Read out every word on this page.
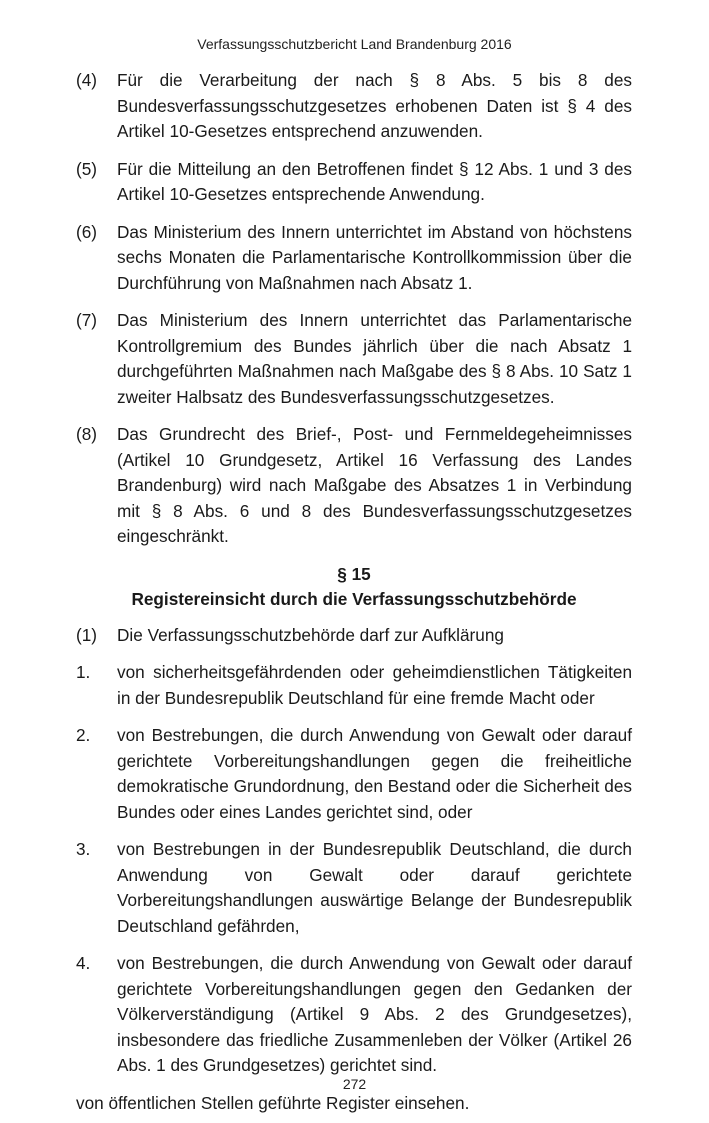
Verfassungsschutzbericht Land Brandenburg 2016
(4)	Für die Verarbeitung der nach § 8 Abs. 5 bis 8 des Bundesverfassungsschutzgesetzes erhobenen Daten ist § 4 des Artikel 10-Gesetzes entsprechend anzuwenden.
(5)	Für die Mitteilung an den Betroffenen findet § 12 Abs. 1 und 3 des Artikel 10-Gesetzes entsprechende Anwendung.
(6)	Das Ministerium des Innern unterrichtet im Abstand von höchstens sechs Monaten die Parlamentarische Kontrollkommission über die Durchführung von Maßnahmen nach Absatz 1.
(7)	Das Ministerium des Innern unterrichtet das Parlamentarische Kontrollgremium des Bundes jährlich über die nach Absatz 1 durchgeführten Maßnahmen nach Maßgabe des § 8 Abs. 10 Satz 1 zweiter Halbsatz des Bundesverfassungsschutzgesetzes.
(8)	Das Grundrecht des Brief-, Post- und Fernmeldegeheimnisses (Artikel 10 Grundgesetz, Artikel 16 Verfassung des Landes Brandenburg) wird nach Maßgabe des Absatzes 1 in Verbindung mit § 8 Abs. 6 und 8 des Bundesverfassungsschutzgesetzes eingeschränkt.
§ 15
Registereinsicht durch die Verfassungsschutzbehörde
(1)	Die Verfassungsschutzbehörde darf zur Aufklärung
1.	von sicherheitsgefährdenden oder geheimdienstlichen Tätigkeiten in der Bundesrepublik Deutschland für eine fremde Macht oder
2.	von Bestrebungen, die durch Anwendung von Gewalt oder darauf gerichtete Vorbereitungshandlungen gegen die freiheitliche demokratische Grundordnung, den Bestand oder die Sicherheit des Bundes oder eines Landes gerichtet sind, oder
3.	von Bestrebungen in der Bundesrepublik Deutschland, die durch Anwendung von Gewalt oder darauf gerichtete Vorbereitungshandlungen auswärtige Belange der Bundesrepublik Deutschland gefährden,
4.	von Bestrebungen, die durch Anwendung von Gewalt oder darauf gerichtete Vorbereitungshandlungen gegen den Gedanken der Völkerverständigung (Artikel 9 Abs. 2 des Grundgesetzes), insbesondere das friedliche Zusammenleben der Völker (Artikel 26 Abs. 1 des Grundgesetzes) gerichtet sind.
von öffentlichen Stellen geführte Register einsehen.
272
